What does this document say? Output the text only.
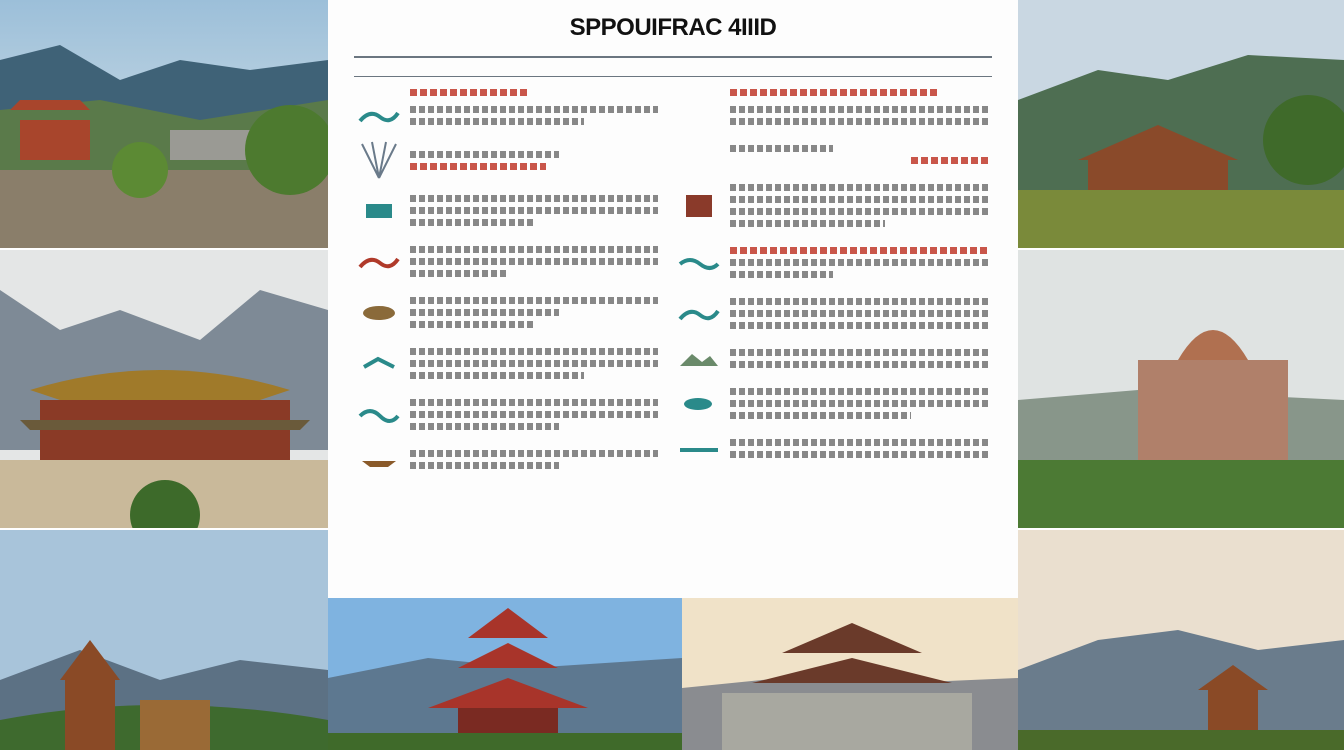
SPPOUIFRAC 4IIID
